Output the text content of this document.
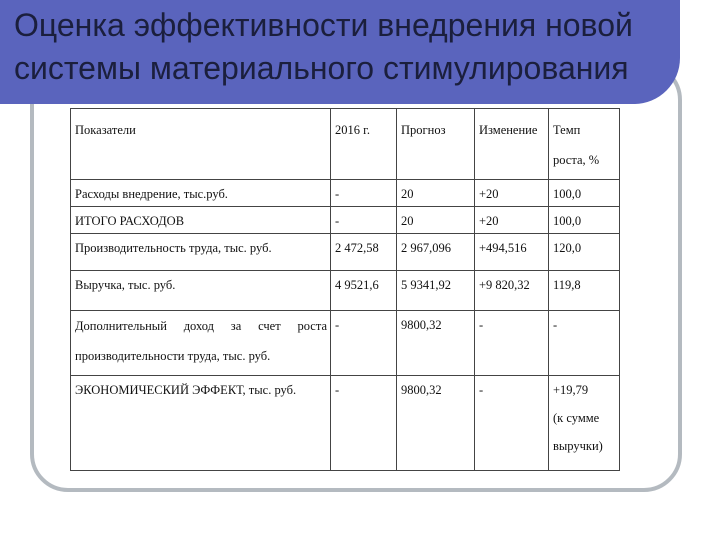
Оценка эффективности внедрения новой
системы материального стимулирования
Показатели	2016 г.	Прогноз	Изменение	Темп
роста, %

Расходы внедрение, тыс.руб.	-	20	+20	100,0
ИТОГО РАСХОДОВ	-	20	+20	100,0
Производительность труда, тыс. руб.	2 472,58	2 967,096	+494,516	120,0
Выручка, тыс. руб.	4 9521,6	5 9341,92	+9 820,32	119,8
Дополнительный доход за счет роста производительности труда, тыс. руб.	-	9800,32	-	-
ЭКОНОМИЧЕСКИЙ ЭФФЕКТ, тыс. руб.	-	9800,32	-	+19,79
(к сумме
выручки)
